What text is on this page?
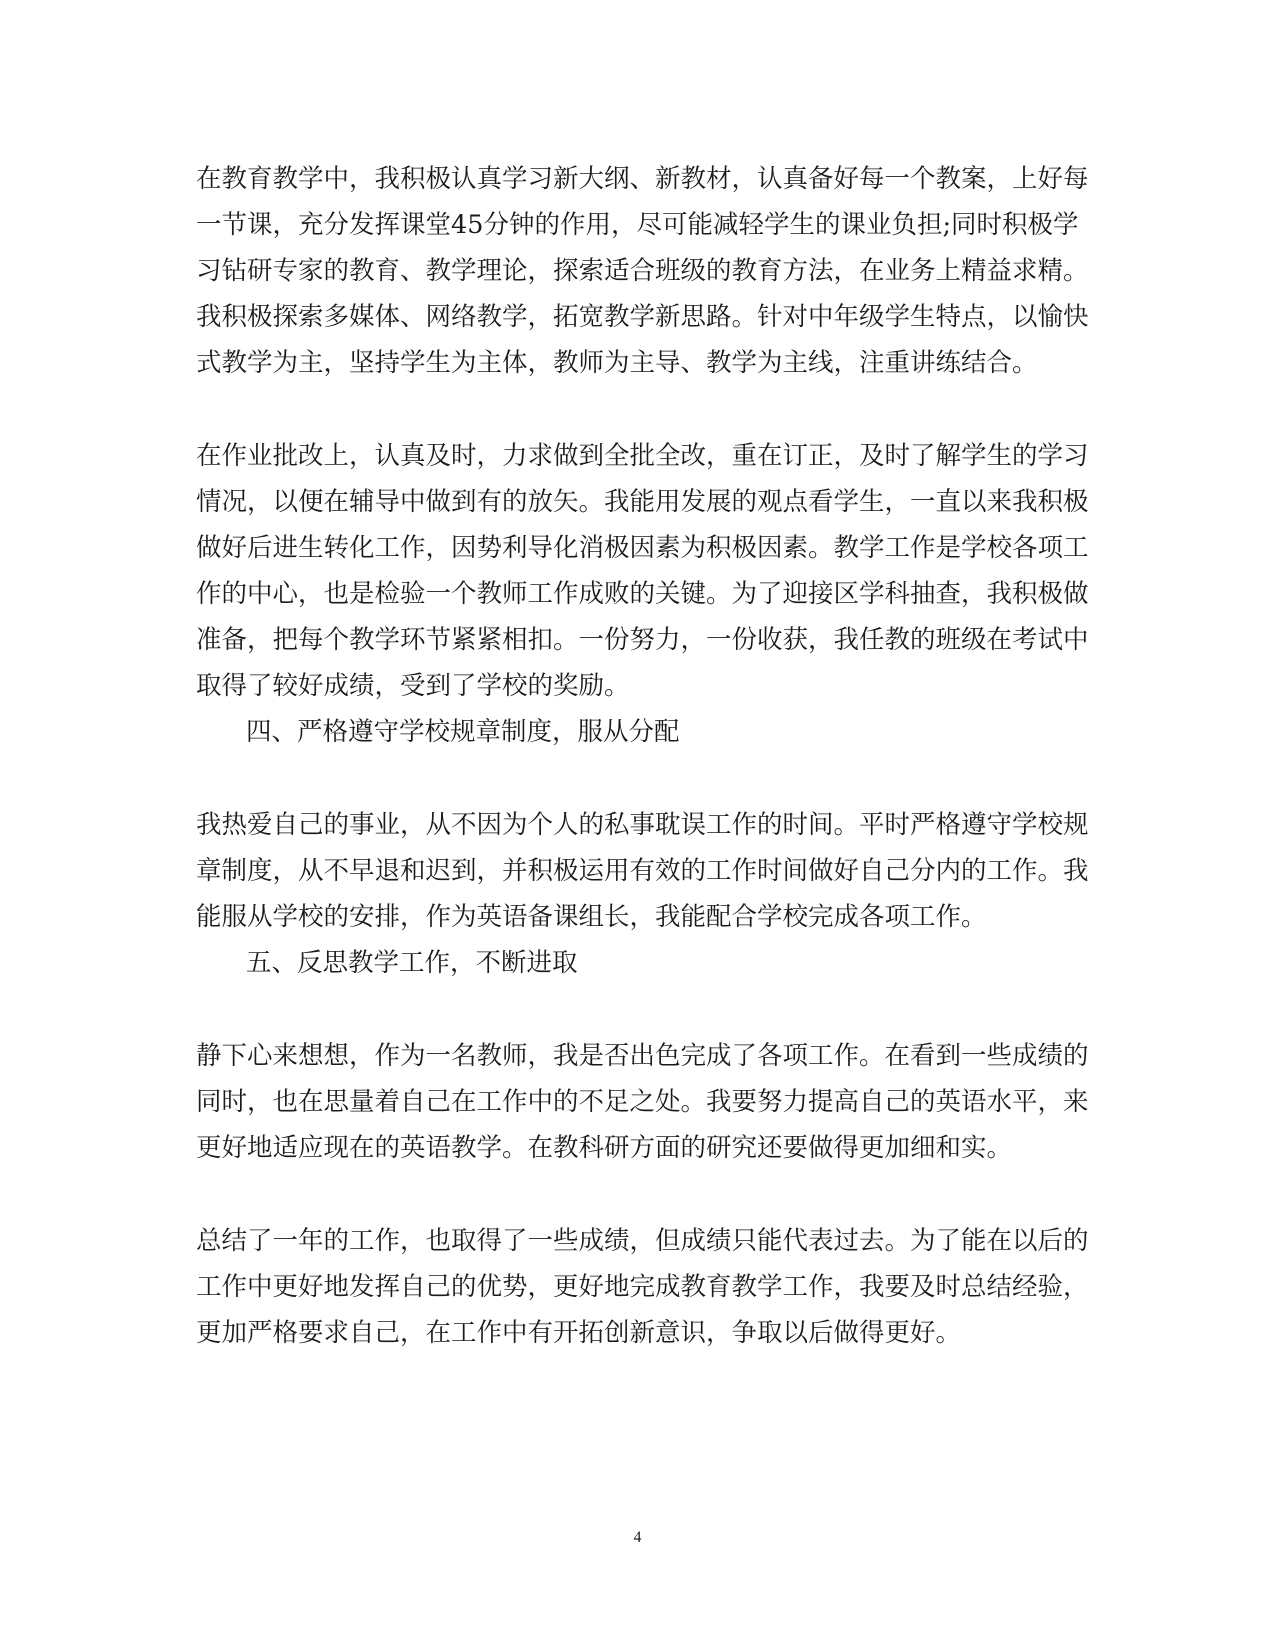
在教育教学中，我积极认真学习新大纲、新教材，认真备好每一个教案，上好每
一节课，充分发挥课堂45分钟的作用，尽可能减轻学生的课业负担;同时积极学
习钻研专家的教育、教学理论，探索适合班级的教育方法，在业务上精益求精。
我积极探索多媒体、网络教学，拓宽教学新思路。针对中年级学生特点，以愉快
式教学为主，坚持学生为主体，教师为主导、教学为主线，注重讲练结合。
在作业批改上，认真及时，力求做到全批全改，重在订正，及时了解学生的学习
情况，以便在辅导中做到有的放矢。我能用发展的观点看学生，一直以来我积极
做好后进生转化工作，因势利导化消极因素为积极因素。教学工作是学校各项工
作的中心，也是检验一个教师工作成败的关键。为了迎接区学科抽查，我积极做
准备，把每个教学环节紧紧相扣。一份努力，一份收获，我任教的班级在考试中
取得了较好成绩，受到了学校的奖励。
四、严格遵守学校规章制度，服从分配
我热爱自己的事业，从不因为个人的私事耽误工作的时间。平时严格遵守学校规
章制度，从不早退和迟到，并积极运用有效的工作时间做好自己分内的工作。我
能服从学校的安排，作为英语备课组长，我能配合学校完成各项工作。
五、反思教学工作，不断进取
静下心来想想，作为一名教师，我是否出色完成了各项工作。在看到一些成绩的
同时，也在思量着自己在工作中的不足之处。我要努力提高自己的英语水平，来
更好地适应现在的英语教学。在教科研方面的研究还要做得更加细和实。
总结了一年的工作，也取得了一些成绩，但成绩只能代表过去。为了能在以后的
工作中更好地发挥自己的优势，更好地完成教育教学工作，我要及时总结经验，
更加严格要求自己，在工作中有开拓创新意识，争取以后做得更好。
4
